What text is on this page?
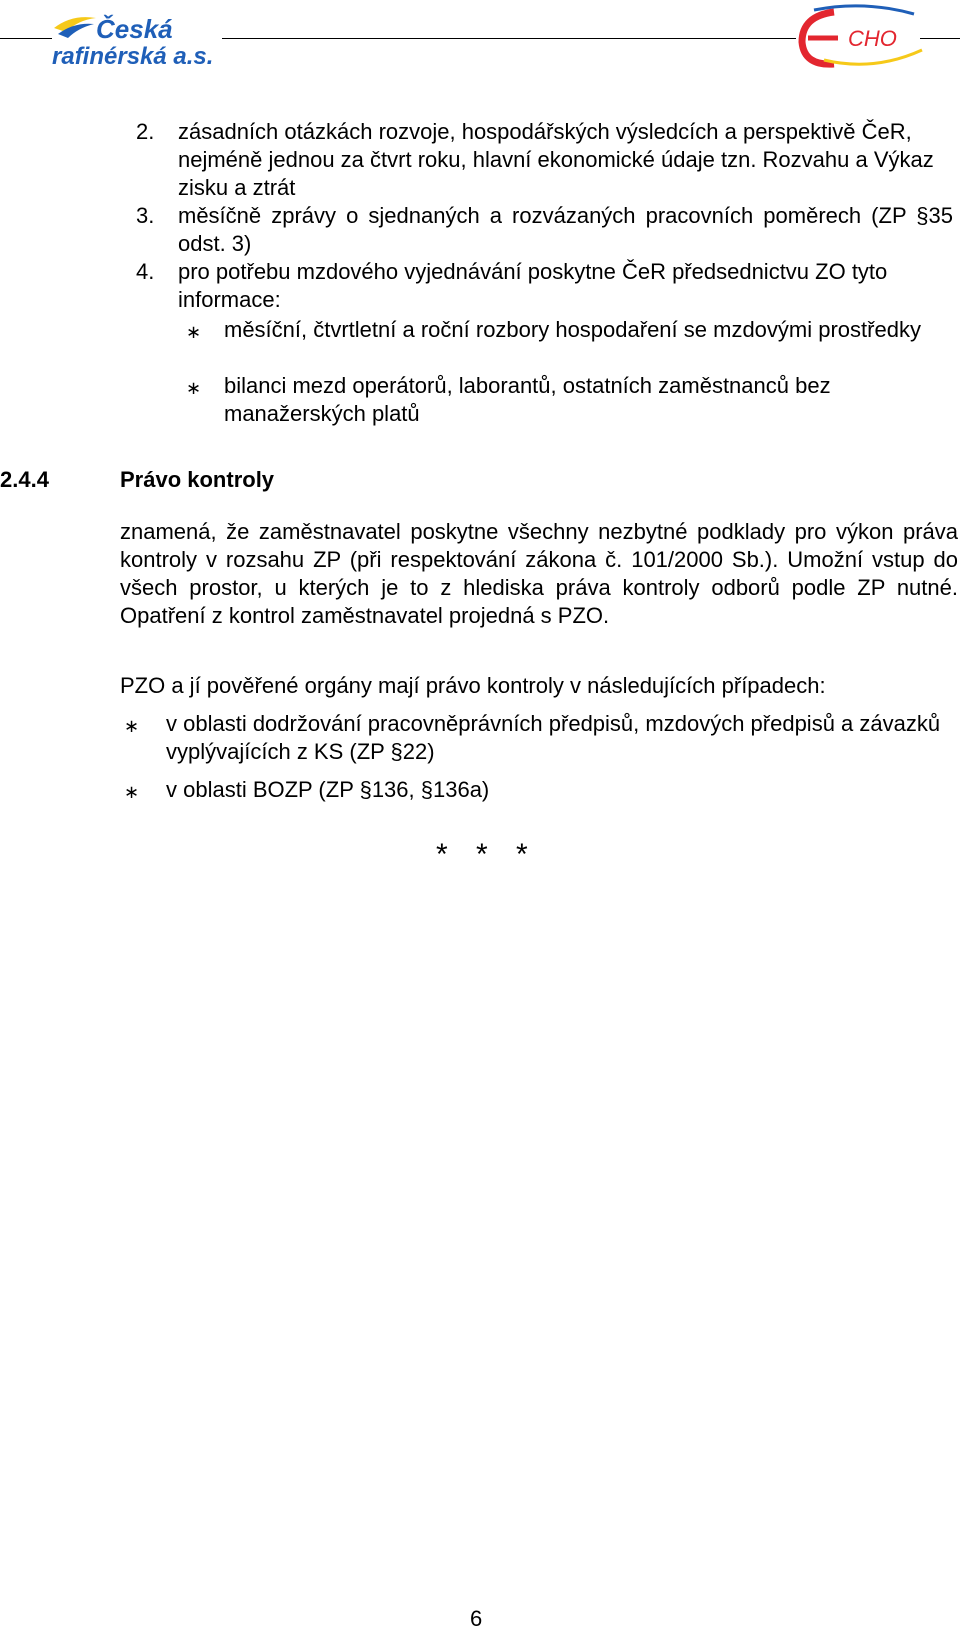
Česká
rafinérská a.s.
CHO
2. zásadních otázkách rozvoje, hospodářských výsledcích a perspektivě ČeR, nejméně jednou za čtvrt roku, hlavní ekonomické údaje tzn. Rozvahu a Výkaz zisku a ztrát

3. měsíčně zprávy o sjednaných a rozvázaných pracovních poměrech (ZP §35 odst. 3)

4. pro potřebu mzdového vyjednávání poskytne ČeR předsednictvu ZO tyto informace:

∗ měsíční, čtvrtletní a roční rozbory hospodaření se mzdovými prostředky

∗ bilanci mezd operátorů, laborantů, ostatních zaměstnanců bez manažerských platů

2.4.4	Právo kontroly

znamená, že zaměstnavatel poskytne všechny nezbytné podklady pro výkon práva kontroly v rozsahu ZP (při respektování zákona č. 101/2000 Sb.). Umožní vstup do všech prostor, u kterých je to z hlediska práva kontroly odborů podle ZP nutné. Opatření z kontrol zaměstnavatel projedná s PZO.

PZO a jí pověřené orgány mají právo kontroly v následujících případech:

∗ v oblasti dodržování pracovněprávních předpisů, mzdových předpisů a závazků vyplývajících z KS (ZP §22)

∗ v oblasti BOZP (ZP §136, §136a)

* * *
6
